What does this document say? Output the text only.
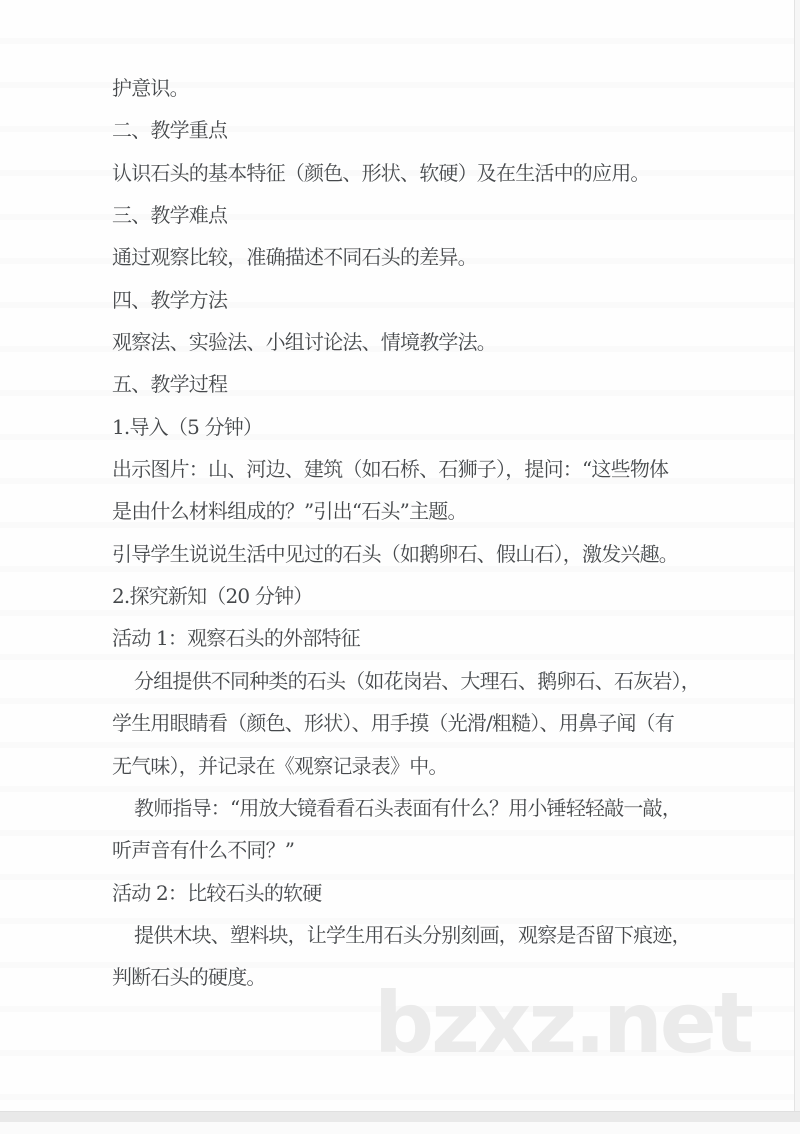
护意识。
二、教学重点
认识石头的基本特征（颜色、形状、软硬）及在生活中的应用。
三、教学难点
通过观察比较，准确描述不同石头的差异。
四、教学方法
观察法、实验法、小组讨论法、情境教学法。
五、教学过程
1.导入（5 分钟）
出示图片：山、河边、建筑（如石桥、石狮子），提问：“这些物体
是由什么材料组成的？”引出“石头”主题。
引导学生说说生活中见过的石头（如鹅卵石、假山石），激发兴趣。
2.探究新知（20 分钟）
活动 1：观察石头的外部特征
分组提供不同种类的石头（如花岗岩、大理石、鹅卵石、石灰岩），
学生用眼睛看（颜色、形状）、用手摸（光滑/粗糙）、用鼻子闻（有
无气味），并记录在《观察记录表》中。
教师指导：“用放大镜看看石头表面有什么？用小锤轻轻敲一敲，
听声音有什么不同？”
活动 2：比较石头的软硬
提供木块、塑料块，让学生用石头分别刻画，观察是否留下痕迹，
判断石头的硬度。	bzxz.net
